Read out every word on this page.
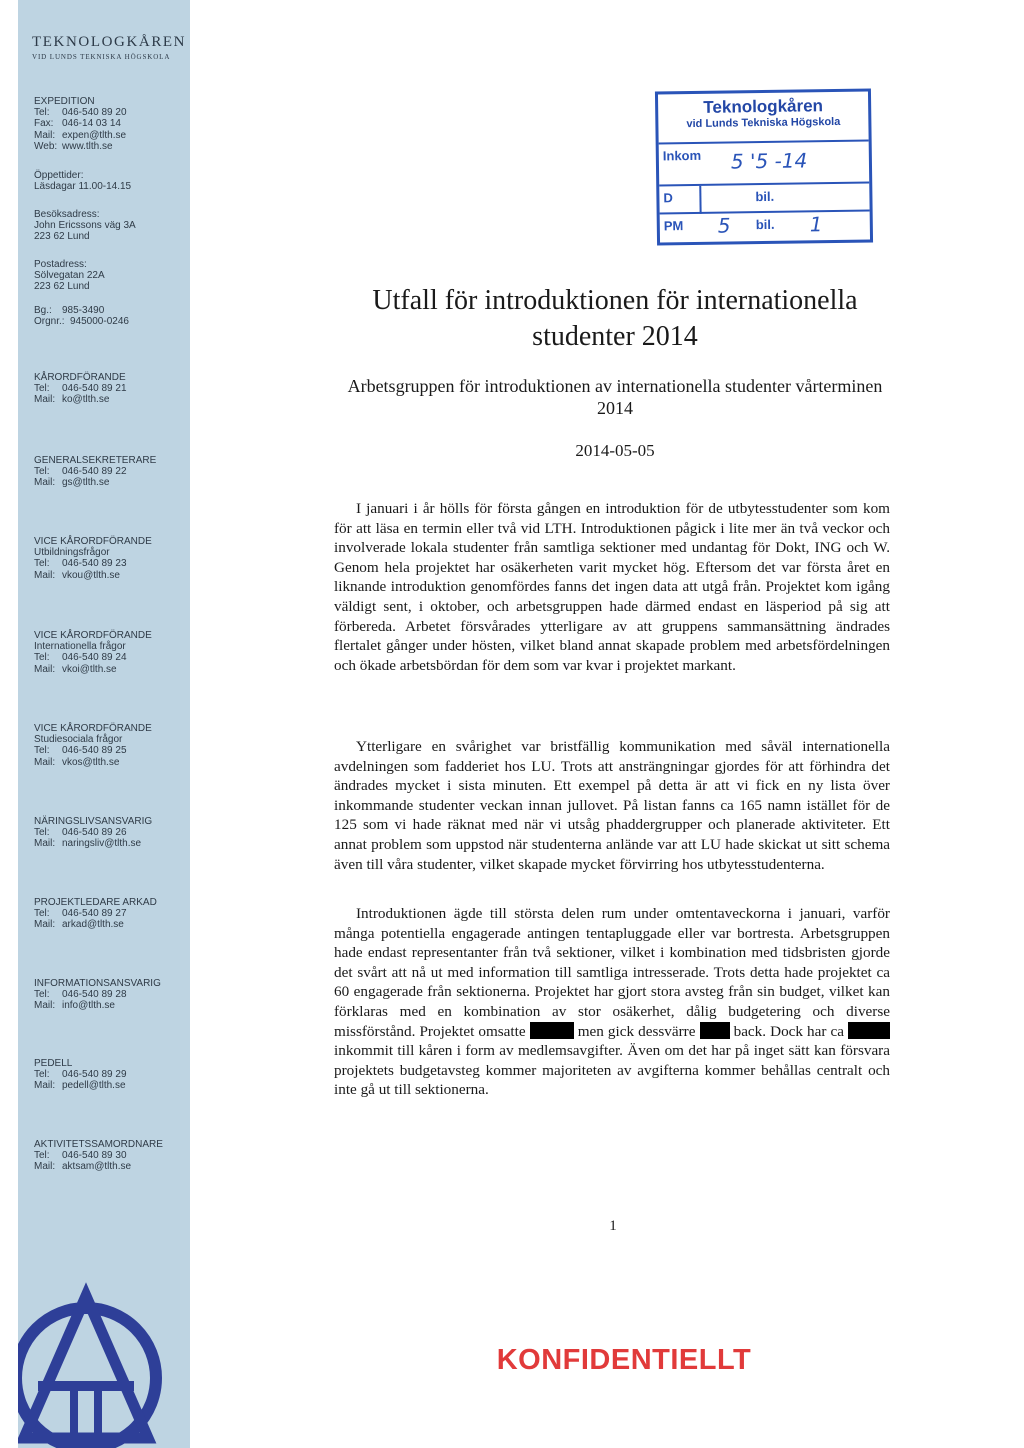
TEKNOLOGKÅREN
VID LUNDS TEKNISKA HÖGSKOLA
EXPEDITION
Tel:	046-540 89 20
Fax: 046-14 03 14
Mail: expen@tlth.se
Web: www.tlth.se
Öppettider:
Läsdagar 11.00-14.15
Besöksadress:
John Ericssons väg 3A
223 62 Lund
Postadress:
Sölvegatan 22A
223 62 Lund
Bg.:	985-3490
Orgnr.: 945000-0246
KÅRORDFÖRANDE
Tel:	046-540 89 21
Mail: ko@tlth.se
GENERALSEKRETERARE
Tel:	046-540 89 22
Mail: gs@tlth.se
VICE KÅRORDFÖRANDE
Utbildningsfrågor
Tel:	046-540 89 23
Mail: vkou@tlth.se
VICE KÅRORDFÖRANDE
Internationella frågor
Tel:	046-540 89 24
Mail: vkoi@tlth.se
VICE KÅRORDFÖRANDE
Studiesociala frågor
Tel:	046-540 89 25
Mail: vkos@tlth.se
NÄRINGSLIVSANSVARIG
Tel:	046-540 89 26
Mail: naringsliv@tlth.se
PROJEKTLEDARE ARKAD
Tel:	046-540 89 27
Mail: arkad@tlth.se
INFORMATIONSANSVARIG
Tel:	046-540 89 28
Mail: info@tlth.se
PEDELL
Tel:	046-540 89 29
Mail: pedell@tlth.se
AKTIVITETSSAMORDNARE
Tel:	046-540 89 30
Mail: aktsam@tlth.se
Teknologkåren
vid Lunds Tekniska Högskola
Inkom 5 '5 -14
D	bil.
PM 5 bil. 1
Utfall för introduktionen för internationella studenter 2014
Arbetsgruppen för introduktionen av internationella studenter vårterminen 2014
2014-05-05

I januari i år hölls för första gången en introduktion för de utbytesstudenter som kom för att läsa en termin eller två vid LTH. Introduktionen pågick i lite mer än två veckor och involverade lokala studenter från samtliga sektioner med undantag för Dokt, ING och W. Genom hela projektet har osäkerheten varit mycket hög. Eftersom det var första året en liknande introduktion genomfördes fanns det ingen data att utgå från. Projektet kom igång väldigt sent, i oktober, och arbetsgruppen hade därmed endast en läsperiod på sig att förbereda. Arbetet försvårades ytterligare av att gruppens sammansättning ändrades flertalet gånger under hösten, vilket bland annat skapade problem med arbetsfördelningen och ökade arbetsbördan för dem som var kvar i projektet markant.

Ytterligare en svårighet var bristfällig kommunikation med såväl internationella avdelningen som fadderiet hos LU. Trots att ansträngningar gjordes för att förhindra det ändrades mycket i sista minuten. Ett exempel på detta är att vi fick en ny lista över inkommande studenter veckan innan jullovet. På listan fanns ca 165 namn istället för de 125 som vi hade räknat med när vi utsåg phaddergrupper och planerade aktiviteter. Ett annat problem som uppstod när studenterna anlände var att LU hade skickat ut sitt schema även till våra studenter, vilket skapade mycket förvirring hos utbytesstudenterna.

Introduktionen ägde till största delen rum under omtentaveckorna i januari, varför många potentiella engagerade antingen tentapluggade eller var bortresta. Arbetsgruppen hade endast representanter från två sektioner, vilket i kombination med tidsbristen gjorde det svårt att nå ut med information till samtliga intresserade. Trots detta hade projektet ca 60 engagerade från sektionerna. Projektet har gjort stora avsteg från sin budget, vilket kan förklaras med en kombination av stor osäkerhet, dålig budgetering och diverse missförstånd. Projektet omsatte	men gick dessvärre	back. Dock har ca  inkommit till kåren i form av medlemsavgifter. Även om det har på inget sätt kan försvara projektets budgetavsteg kommer majoriteten av avgifterna kommer behållas centralt och inte gå ut till sektionerna.

1
KONFIDENTIELLT
